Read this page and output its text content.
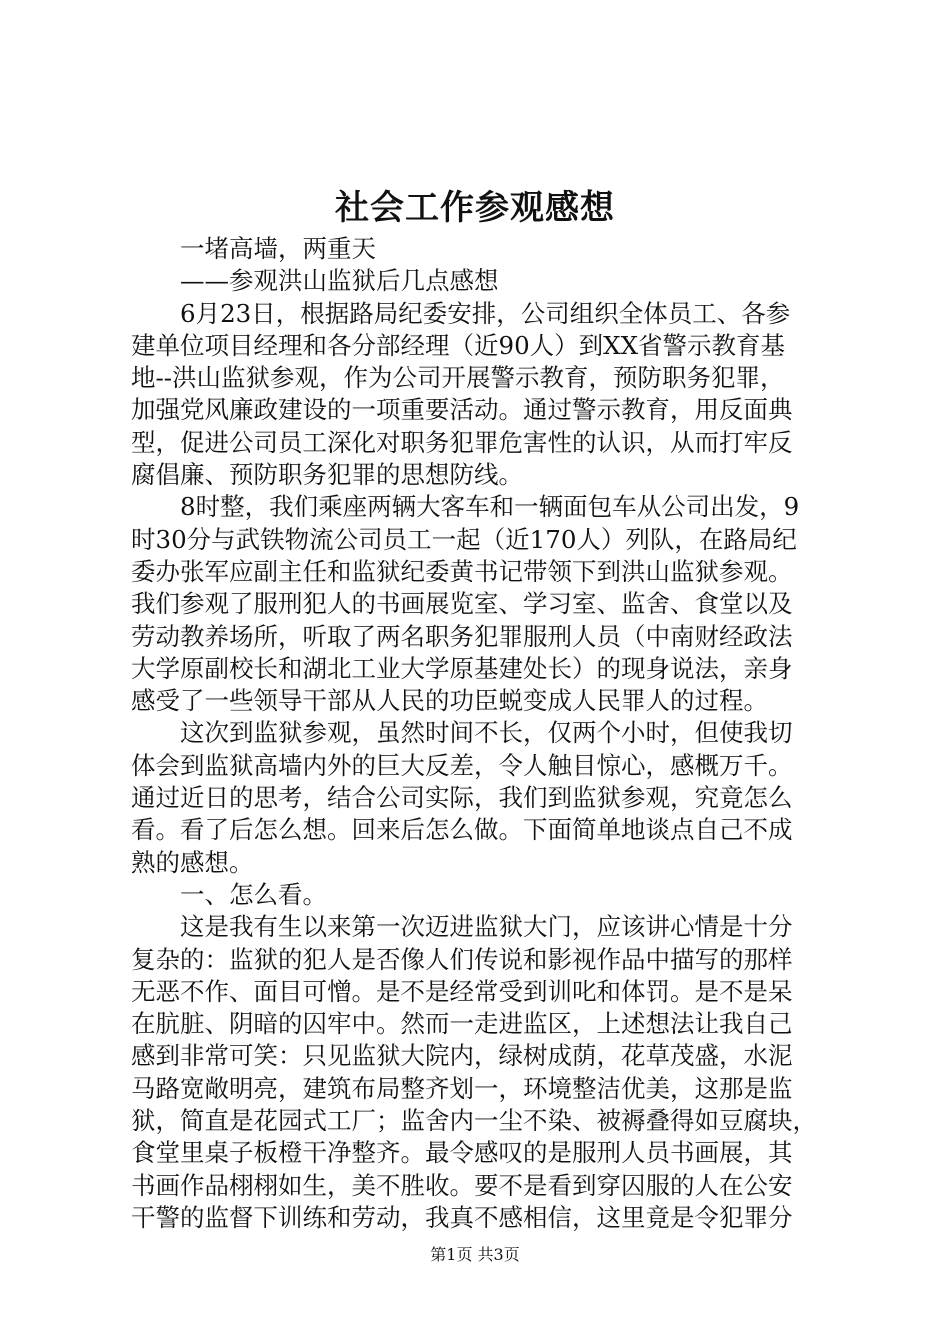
社会工作参观感想
一堵高墙，两重天
——参观洪山监狱后几点感想
6月23日，根据路局纪委安排，公司组织全体员工、各参
建单位项目经理和各分部经理（近90人）到XX省警示教育基
地--洪山监狱参观，作为公司开展警示教育，预防职务犯罪，
加强党风廉政建设的一项重要活动。通过警示教育，用反面典
型，促进公司员工深化对职务犯罪危害性的认识，从而打牢反
腐倡廉、预防职务犯罪的思想防线。
8时整，我们乘座两辆大客车和一辆面包车从公司出发，9
时30分与武铁物流公司员工一起（近170人）列队，在路局纪
委办张军应副主任和监狱纪委黄书记带领下到洪山监狱参观。
我们参观了服刑犯人的书画展览室、学习室、监舍、食堂以及
劳动教养场所，听取了两名职务犯罪服刑人员（中南财经政法
大学原副校长和湖北工业大学原基建处长）的现身说法，亲身
感受了一些领导干部从人民的功臣蜕变成人民罪人的过程。
这次到监狱参观，虽然时间不长，仅两个小时，但使我切
体会到监狱高墙内外的巨大反差，令人触目惊心，感概万千。
通过近日的思考，结合公司实际，我们到监狱参观，究竟怎么
看。看了后怎么想。回来后怎么做。下面简单地谈点自己不成
熟的感想。
一、怎么看。
这是我有生以来第一次迈进监狱大门，应该讲心情是十分
复杂的：监狱的犯人是否像人们传说和影视作品中描写的那样
无恶不作、面目可憎。是不是经常受到训叱和体罚。是不是呆
在肮脏、阴暗的囚牢中。然而一走进监区，上述想法让我自己
感到非常可笑：只见监狱大院内，绿树成荫，花草茂盛，水泥
马路宽敞明亮，建筑布局整齐划一，环境整洁优美，这那是监
狱，简直是花园式工厂；监舍内一尘不染、被褥叠得如豆腐块，
食堂里桌子板橙干净整齐。最令感叹的是服刑人员书画展，其
书画作品栩栩如生，美不胜收。要不是看到穿囚服的人在公安
干警的监督下训练和劳动，我真不感相信，这里竟是令犯罪分
第1页 共3页
